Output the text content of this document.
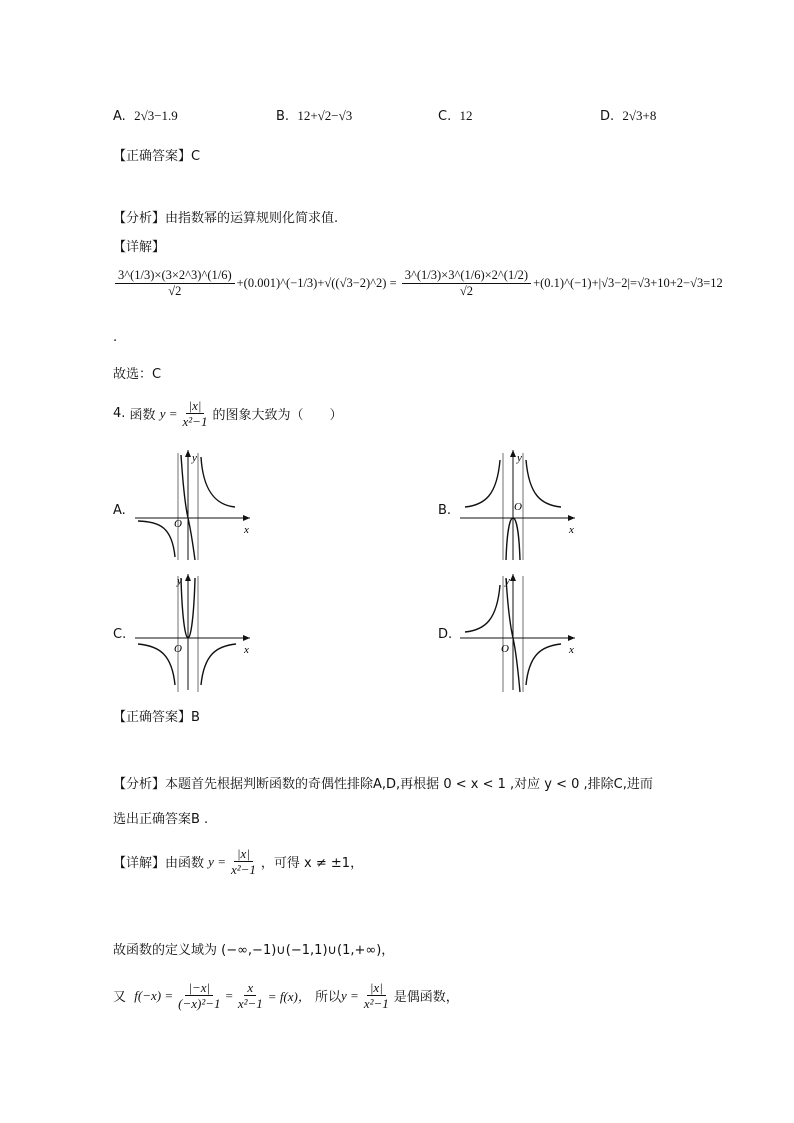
A. 2√3−1.9	B. 12+√2−√3	C. 12	D. 2√3+8
【正确答案】C
【分析】由指数幂的运算规则化简求值.
【详解】
$\frac{3\^{}(1/3)\times(3\times 2\^{}3)\^{}(1/6)}{√2}$ +(0.001)^(−1/3) +√((√3−2)^2) = $\frac{3\^{}(1/3)\times 3\^{}(1/6)\times 2\^{}(1/2)}{√2}$ +(0.1)^(−1)+|√3−2|=√3+10+2−√3=12
.
故选：C
4.
函数
$y = \frac{|x|}{\text{x²−1}}$ 的图象大致为（　　）
A.	B.
C.	D.
y
x
O
y
x
O
y
x
O
y
x
O
【正确答案】B
【分析】本题首先根据判断函数的奇偶性排除A,D,再根据 0 < x < 1 ,对应 y < 0 ,排除C,进而
选出正确答案B .
【详解】 由函数
$y = \frac{|x|}{\text{x²−1}}$ ，可得 x ≠ ±1，
故函数的定义域为 (−∞,−1)∪(−1,1)∪(1,+∞)，
又
$f(-x) = \frac{|-x|}{\text{(−x)²−1}} = \frac{x}{\text{x²−1}} = f(x)$，
所以 $y = \frac{|x|}{\text{x²−1}}$ 是偶函数，
